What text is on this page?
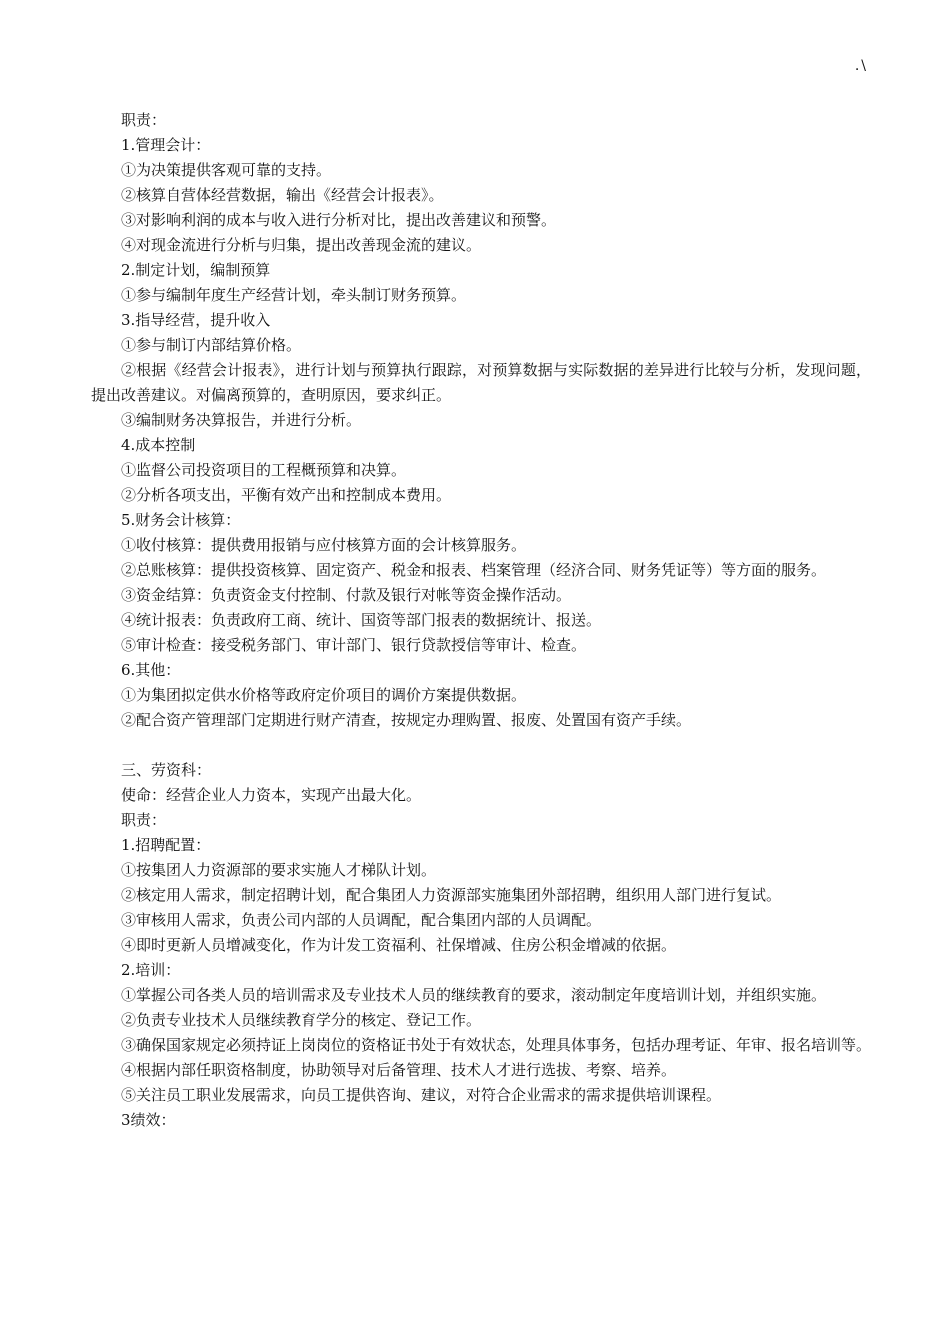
.\
职责：
1.管理会计：
①为决策提供客观可靠的支持。
②核算自营体经营数据，输出《经营会计报表》。
③对影响利润的成本与收入进行分析对比，提出改善建议和预警。
④对现金流进行分析与归集，提出改善现金流的建议。
2.制定计划，编制预算
①参与编制年度生产经营计划，牵头制订财务预算。
3.指导经营，提升收入
①参与制订内部结算价格。
②根据《经营会计报表》，进行计划与预算执行跟踪，对预算数据与实际数据的差异进行比较与分析，发现问题，提出改善建议。对偏离预算的，查明原因，要求纠正。
③编制财务决算报告，并进行分析。
4.成本控制
①监督公司投资项目的工程概预算和决算。
②分析各项支出，平衡有效产出和控制成本费用。
5.财务会计核算：
①收付核算：提供费用报销与应付核算方面的会计核算服务。
②总账核算：提供投资核算、固定资产、税金和报表、档案管理（经济合同、财务凭证等）等方面的服务。
③资金结算：负责资金支付控制、付款及银行对帐等资金操作活动。
④统计报表：负责政府工商、统计、国资等部门报表的数据统计、报送。
⑤审计检查：接受税务部门、审计部门、银行贷款授信等审计、检查。
6.其他：
①为集团拟定供水价格等政府定价项目的调价方案提供数据。
②配合资产管理部门定期进行财产清查，按规定办理购置、报废、处置国有资产手续。
三、劳资科：
使命：经营企业人力资本，实现产出最大化。
职责：
1.招聘配置：
①按集团人力资源部的要求实施人才梯队计划。
②核定用人需求，制定招聘计划，配合集团人力资源部实施集团外部招聘，组织用人部门进行复试。
③审核用人需求，负责公司内部的人员调配，配合集团内部的人员调配。
④即时更新人员增减变化，作为计发工资福利、社保增减、住房公积金增减的依据。
2.培训：
①掌握公司各类人员的培训需求及专业技术人员的继续教育的要求，滚动制定年度培训计划，并组织实施。
②负责专业技术人员继续教育学分的核定、登记工作。
③确保国家规定必须持证上岗岗位的资格证书处于有效状态，处理具体事务，包括办理考证、年审、报名培训等。
④根据内部任职资格制度，协助领导对后备管理、技术人才进行选拔、考察、培养。
⑤关注员工职业发展需求，向员工提供咨询、建议，对符合企业需求的需求提供培训课程。
3绩效：
